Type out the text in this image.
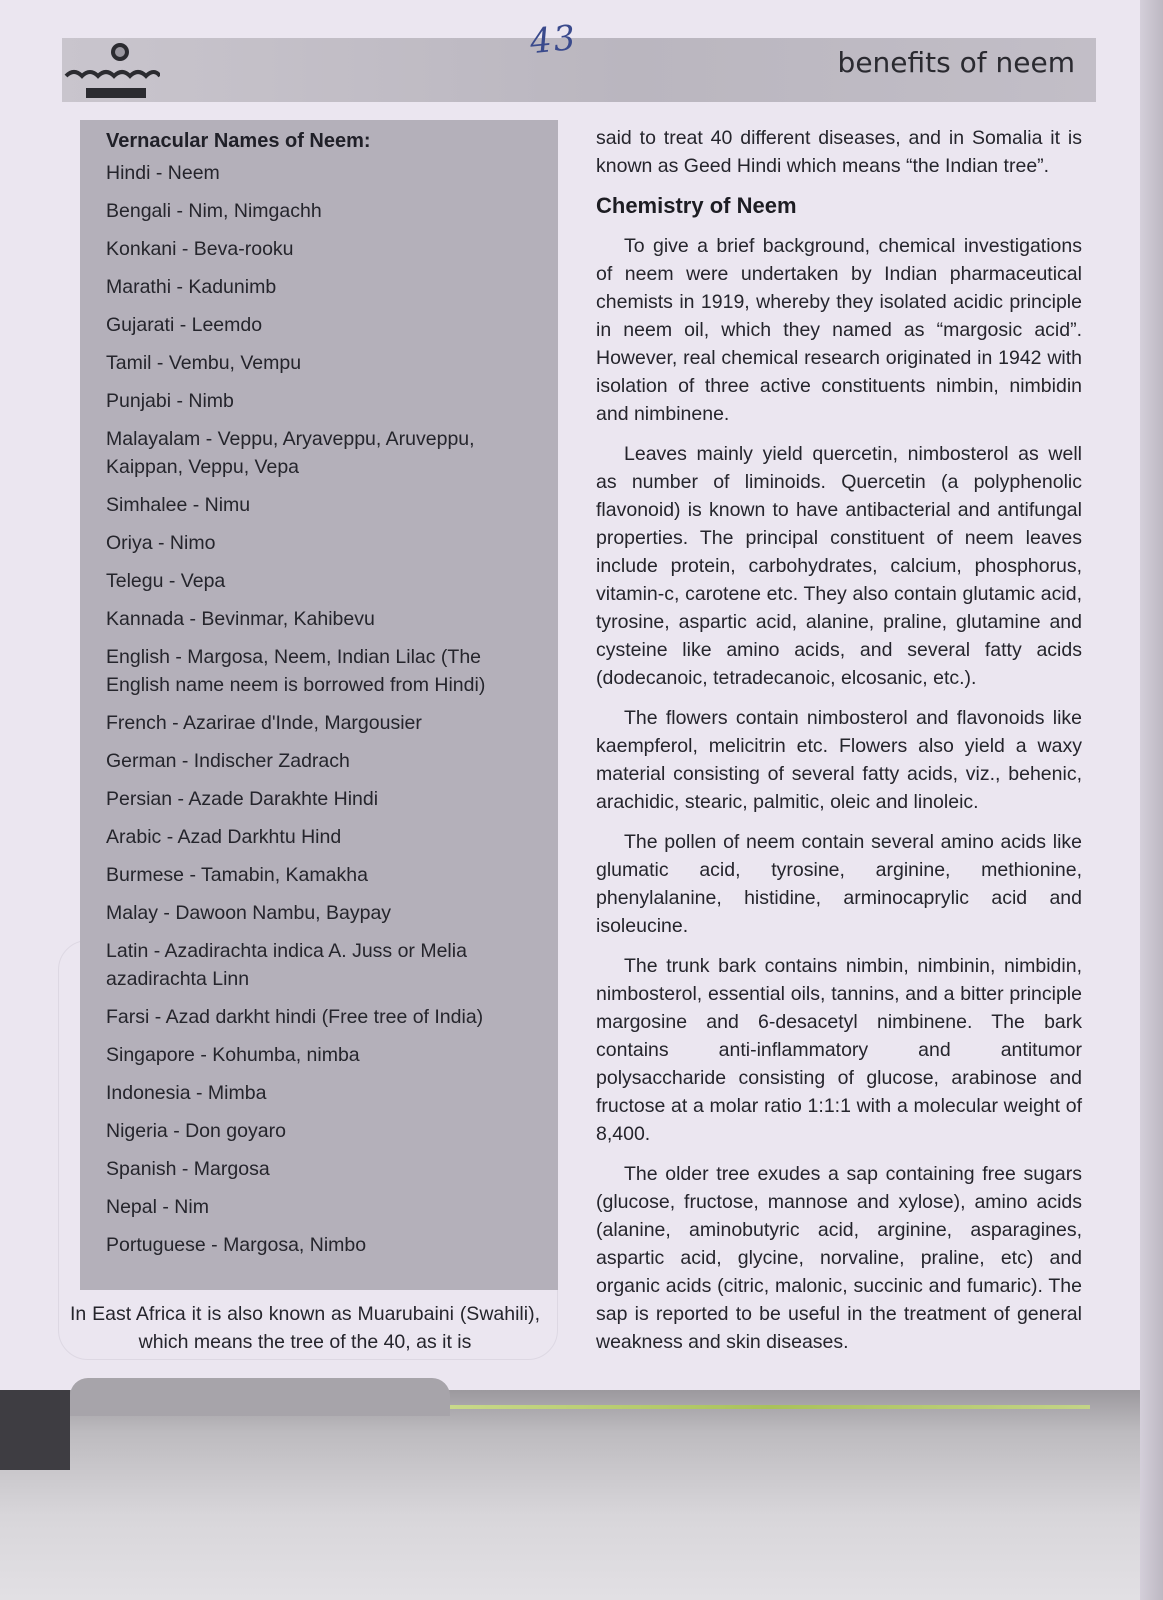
43
benefits of neem
Vernacular Names of Neem:
Hindi - Neem
Bengali - Nim, Nimgachh
Konkani - Beva-rooku
Marathi - Kadunimb
Gujarati - Leemdo
Tamil - Vembu, Vempu
Punjabi - Nimb
Malayalam - Veppu, Aryaveppu, Aruveppu, Kaippan, Veppu, Vepa
Simhalee - Nimu
Oriya - Nimo
Telegu - Vepa
Kannada - Bevinmar, Kahibevu
English - Margosa, Neem, Indian Lilac (The English name neem is borrowed from Hindi)
French - Azarirae d'Inde, Margousier
German - Indischer Zadrach
Persian - Azade Darakhte Hindi
Arabic - Azad Darkhtu Hind
Burmese - Tamabin, Kamakha
Malay - Dawoon Nambu, Baypay
Latin - Azadirachta indica A. Juss or Melia azadirachta Linn
Farsi - Azad darkht hindi (Free tree of India)
Singapore - Kohumba, nimba
Indonesia - Mimba
Nigeria - Don goyaro
Spanish - Margosa
Nepal - Nim
Portuguese - Margosa, Nimbo

In East Africa it is also known as Muarubaini (Swahili), which means the tree of the 40, as it is

said to treat 40 different diseases, and in Somalia it is known as Geed Hindi which means “the Indian tree”.

Chemistry of Neem

To give a brief background, chemical investigations of neem were undertaken by Indian pharmaceutical chemists in 1919, whereby they isolated acidic principle in neem oil, which they named as “margosic acid”. However, real chemical research originated in 1942 with isolation of three active constituents nimbin, nimbidin and nimbinene.

Leaves mainly yield quercetin, nimbosterol as well as number of liminoids. Quercetin (a polyphenolic flavonoid) is known to have antibacterial and antifungal properties. The principal constituent of neem leaves include protein, carbohydrates, calcium, phosphorus, vitamin-c, carotene etc. They also contain glutamic acid, tyrosine, aspartic acid, alanine, praline, glutamine and cysteine like amino acids, and several fatty acids (dodecanoic, tetradecanoic, elcosanic, etc.).

The flowers contain nimbosterol and flavonoids like kaempferol, melicitrin etc. Flowers also yield a waxy material consisting of several fatty acids, viz., behenic, arachidic, stearic, palmitic, oleic and linoleic.

The pollen of neem contain several amino acids like glumatic acid, tyrosine, arginine, methionine, phenylalanine, histidine, arminocaprylic acid and isoleucine.

The trunk bark contains nimbin, nimbinin, nimbidin, nimbosterol, essential oils, tannins, and a bitter principle margosine and 6-desacetyl nimbinene. The bark contains anti-inflammatory and antitumor polysaccharide consisting of glucose, arabinose and fructose at a molar ratio 1:1:1 with a molecular weight of 8,400.

The older tree exudes a sap containing free sugars (glucose, fructose, mannose and xylose), amino acids (alanine, aminobutyric acid, arginine, asparagines, aspartic acid, glycine, norvaline, praline, etc) and organic acids (citric, malonic, succinic and fumaric). The sap is reported to be useful in the treatment of general weakness and skin diseases.
